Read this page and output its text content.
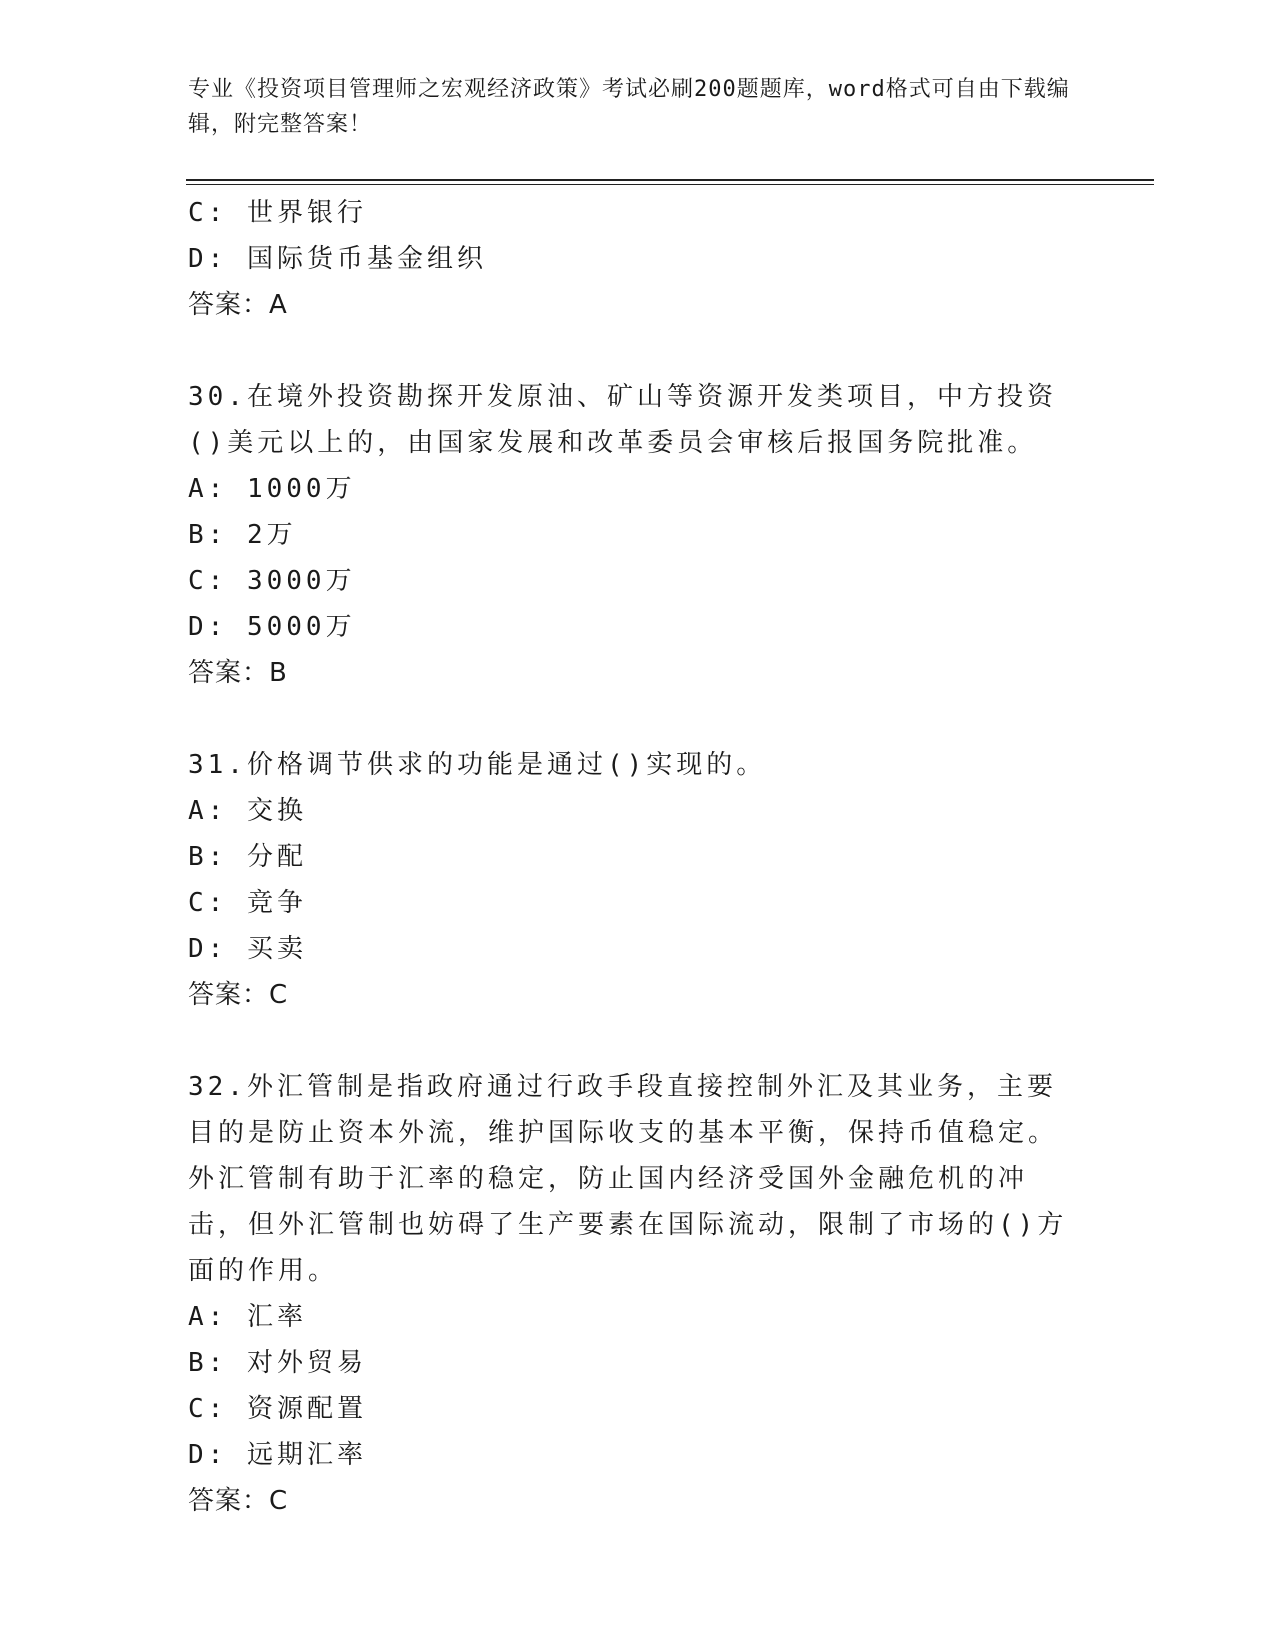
专业《投资项目管理师之宏观经济政策》考试必刷200题题库，word格式可自由下载编辑，附完整答案！
C: 世界银行
D: 国际货币基金组织
答案：A
30.在境外投资勘探开发原油、矿山等资源开发类项目，中方投资()美元以上的，由国家发展和改革委员会审核后报国务院批准。
A: 1000万
B: 2万
C: 3000万
D: 5000万
答案：B
31.价格调节供求的功能是通过()实现的。
A: 交换
B: 分配
C: 竞争
D: 买卖
答案：C
32.外汇管制是指政府通过行政手段直接控制外汇及其业务，主要目的是防止资本外流，维护国际收支的基本平衡，保持币值稳定。外汇管制有助于汇率的稳定，防止国内经济受国外金融危机的冲击，但外汇管制也妨碍了生产要素在国际流动，限制了市场的()方面的作用。
A: 汇率
B: 对外贸易
C: 资源配置
D: 远期汇率
答案：C
